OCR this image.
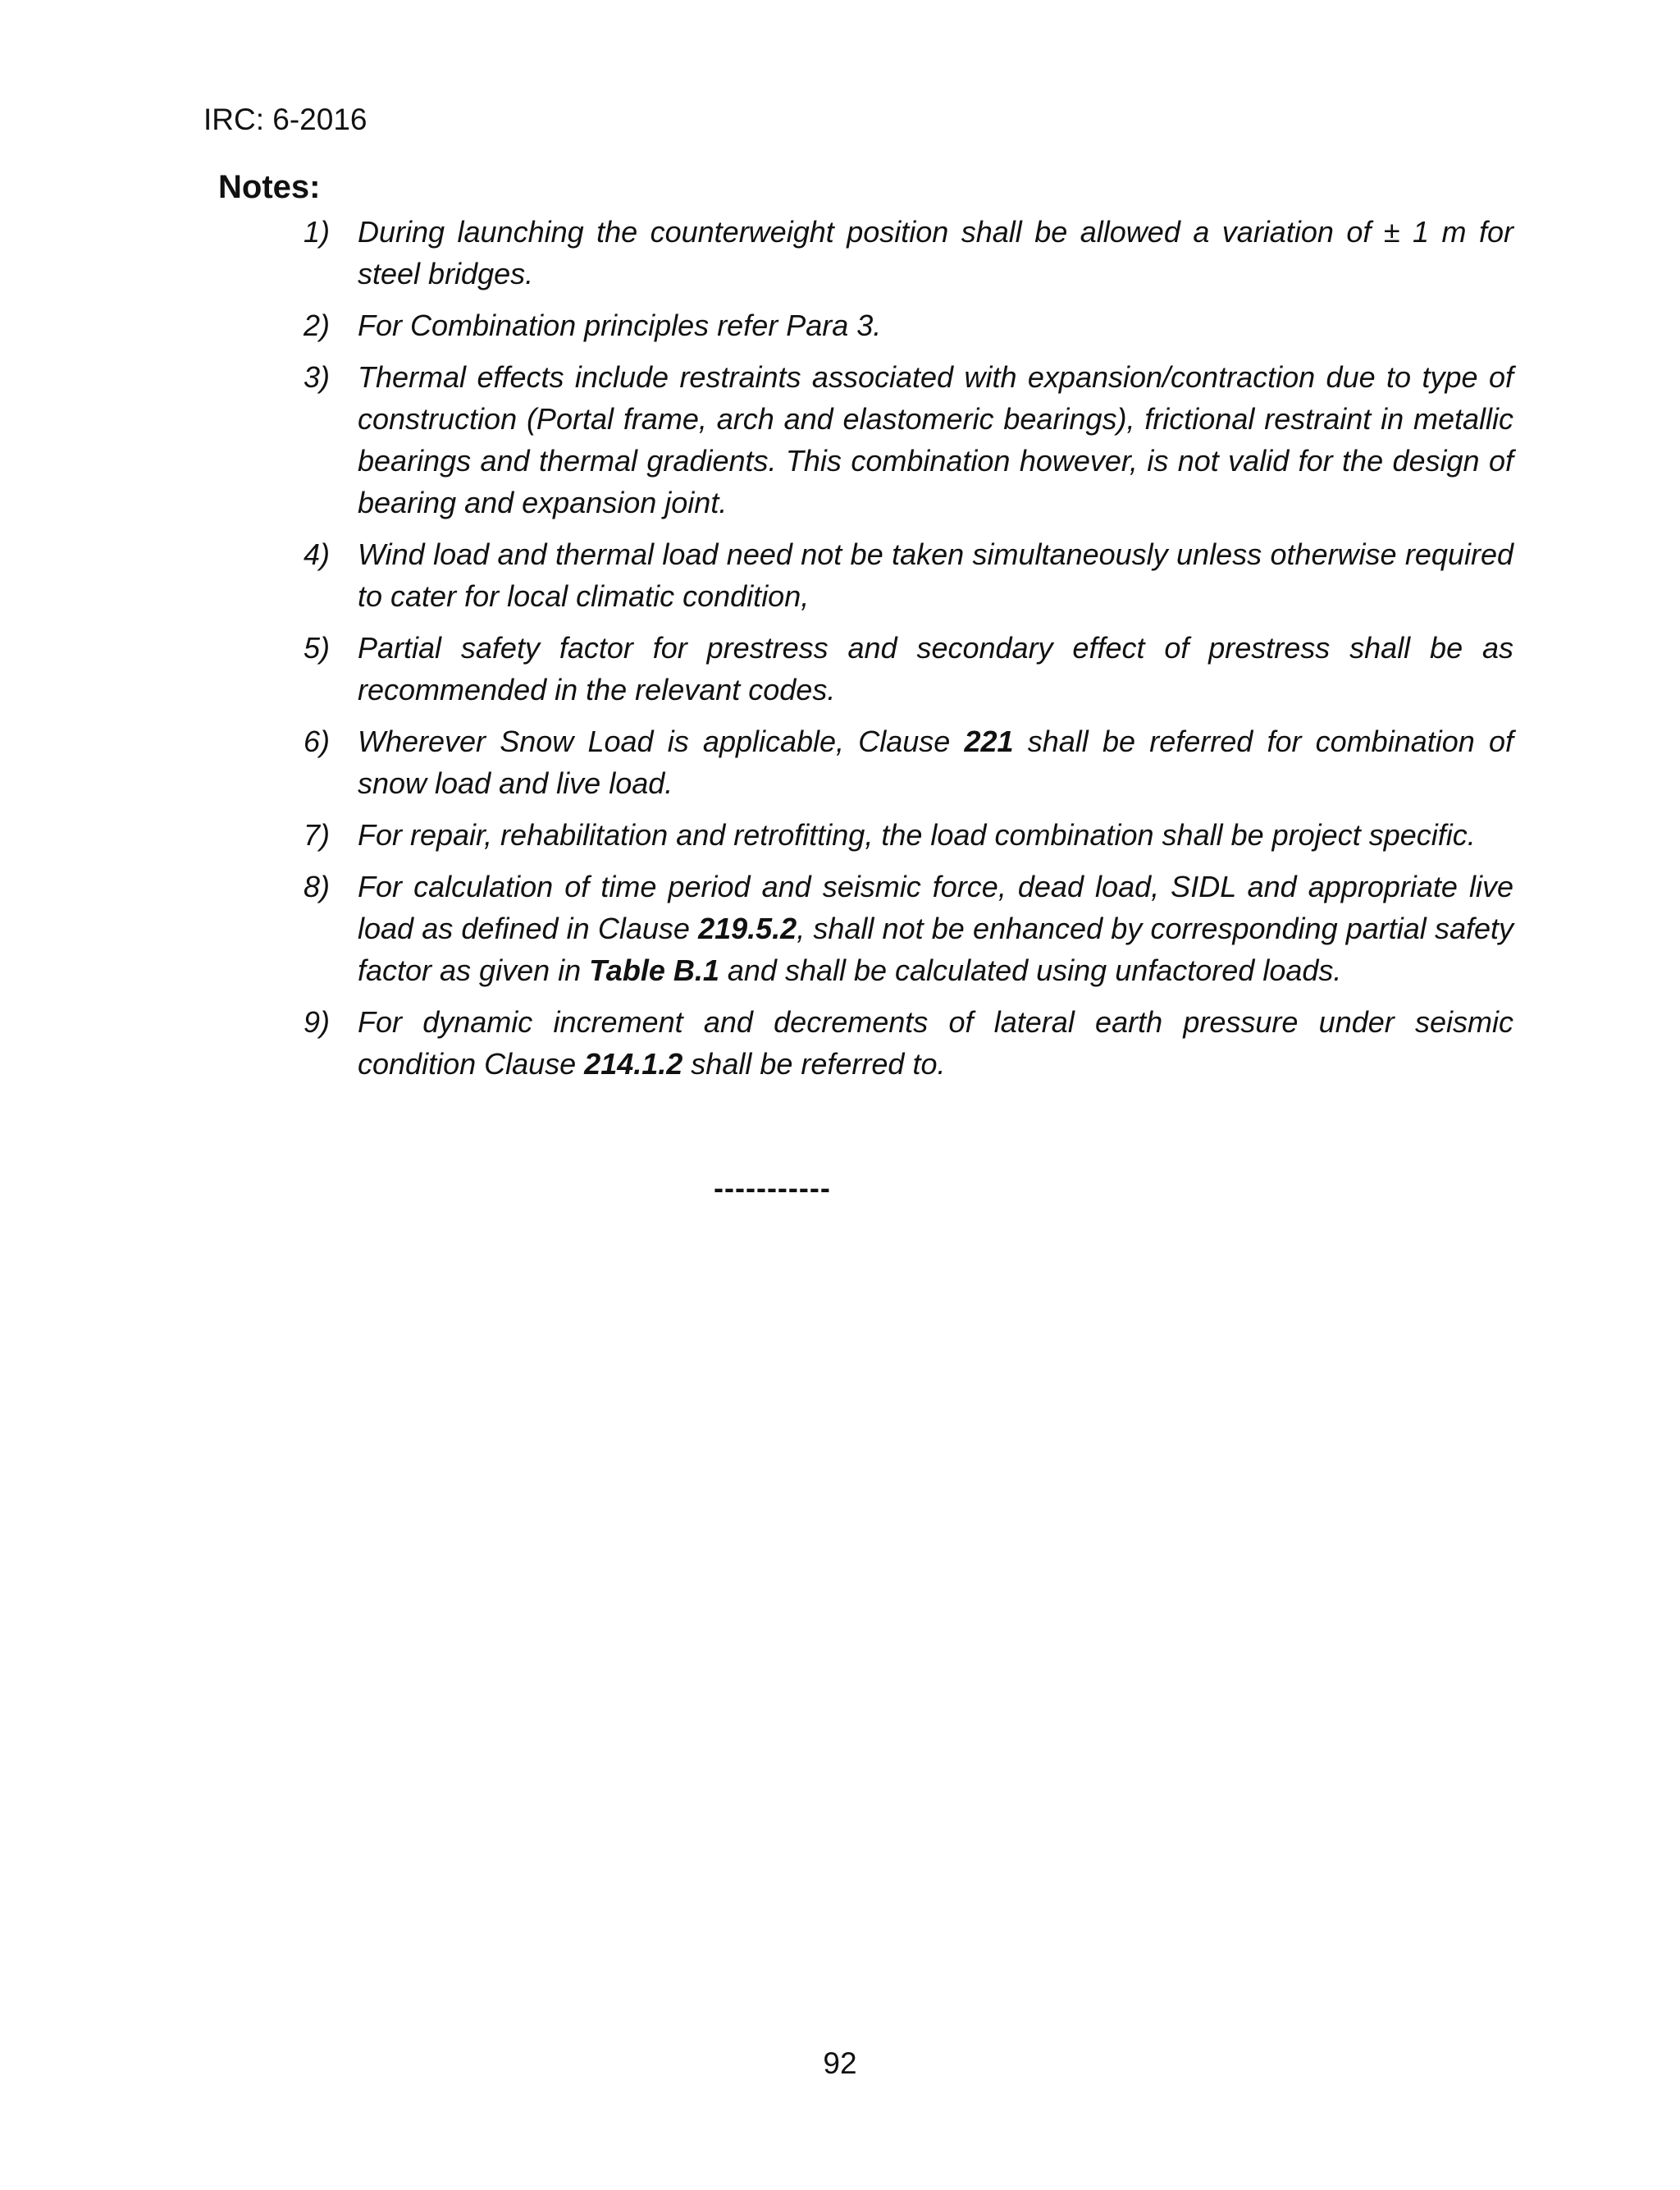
IRC: 6-2016
Notes:
1) During launching the counterweight position shall be allowed a variation of ± 1 m for steel bridges.
2) For Combination principles refer Para 3.
3) Thermal effects include restraints associated with expansion/contraction due to type of construction (Portal frame, arch and elastomeric bearings), frictional restraint in metallic bearings and thermal gradients. This combination however, is not valid for the design of bearing and expansion joint.
4) Wind load and thermal load need not be taken simultaneously unless otherwise required to cater for local climatic condition,
5) Partial safety factor for prestress and secondary effect of prestress shall be as recommended in the relevant codes.
6) Wherever Snow Load is applicable, Clause 221 shall be referred for combination of snow load and live load.
7) For repair, rehabilitation and retrofitting, the load combination shall be project specific.
8) For calculation of time period and seismic force, dead load, SIDL and appropriate live load as defined in Clause 219.5.2, shall not be enhanced by corresponding partial safety factor as given in Table B.1 and shall be calculated using unfactored loads.
9) For dynamic increment and decrements of lateral earth pressure under seismic condition Clause 214.1.2 shall be referred to.
-----------
92
